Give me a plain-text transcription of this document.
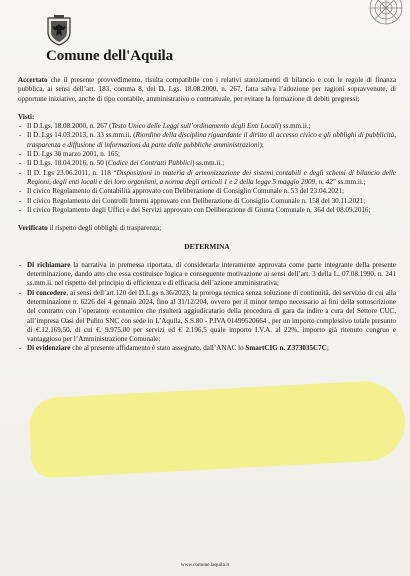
Comune dell'Aquila

Accertato che il presente provvedimento, risulta compatibile con i relativi stanziamenti di bilancio e con le regole di finanza pubblica, ai sensi dell’art. 183, comma 8, del D. Lgs. 18.08.2000, n. 267, fatta salva l’adozione per ragioni sopravvenute, di opportune iniziative, anche di tipo contabile, amministrativo o contrattuale, per evitare la formazione di debiti pregressi;

Visti:

- Il D.Lgs. 18.08.2000, n. 267 (Testo Unico delle Leggi sull’ordinamento degli Enti Locali) ss.mm.ii.;
- Il D. Lgs 14.03.2013, n. 33 ss.mm.ii. (Riordino della disciplina riguardante il diritto di accesso civico e gli obblighi di pubblicità, trasparenza e diffusione di informazioni da parte delle pubbliche amministrazioni);
- Il D. Lgs 30 marzo 2001, n. 165;
- Il D.Lgs. 18.04.2016, n. 50 (Codice dei Contratti Pubblici) ss.mm.ii.;
- Il D. Lgs 23.06.2011, n. 118 “Disposizioni in materia di armonizzazione dei sistemi contabili e degli schemi di bilancio delle Regioni, degli enti locali e dei loro organismi, a norma degli articoli 1 e 2 della legge 5 maggio 2009, n. 42” ss.mm.ii.;
- Il civico Regolamento di Contabilità approvato con Deliberazione di Consiglio Comunale n. 53 del 23.04.2021;
- Il civico Regolamento dei Controlli Interni approvato con Deliberazione di Consiglio Comunale n. 158 del 30.11.2021;
- Il civico Regolamento degli Uffici e dei Servizi approvato con Deliberazione di Giunta Comunale n. 364 del 08.09.2016;

Verificato il rispetto degli obblighi di trasparenza;

DETERMINA

- Di richiamare la narrativa in premessa riportata, di considerarla interamente approvata come parte integrante della presente determinazione, dando atto che essa costituisce logica e conseguente motivazione ai sensi dell’art. 3 della L. 07.08.1990, n. 241 ss.mm.ii. nel rispetto del principio di efficienza e di efficacia dell’azione amministrativa;
- Di concedere, ai sensi dell’art.120 del D.L.gs n.36/2023, la proroga tecnica senza soluzione di continuità, del servizio di cui alla determinazione n. 6226 del 4 gennaio 2024, fino al 31/12/204, ovvero per il minor tempo necessario ai fini della sottoscrizione del contratto con l’operatore economico che risulterà aggiudicatario della procedura di gara da indire a cura del Settore CUC, all’impresa Oasi del Pulito SNC con sede in L’Aquila, S.S.80 - P.IVA 01499520664 , per un importo complessivo totale presunto di €.12.169,50, di cui €. 9.975,00 per servizi ed € 2.196,5 quale importo I.V.A. al 22%, importo già ritenuto congruo e vantaggioso per l’Amministrazione Comunale;
- Di evidenziare che al presente affidamento è stato assegnato, dall’ANAC lo SmartCIG n. Z373035C7C;
www.comune.laquila.it
